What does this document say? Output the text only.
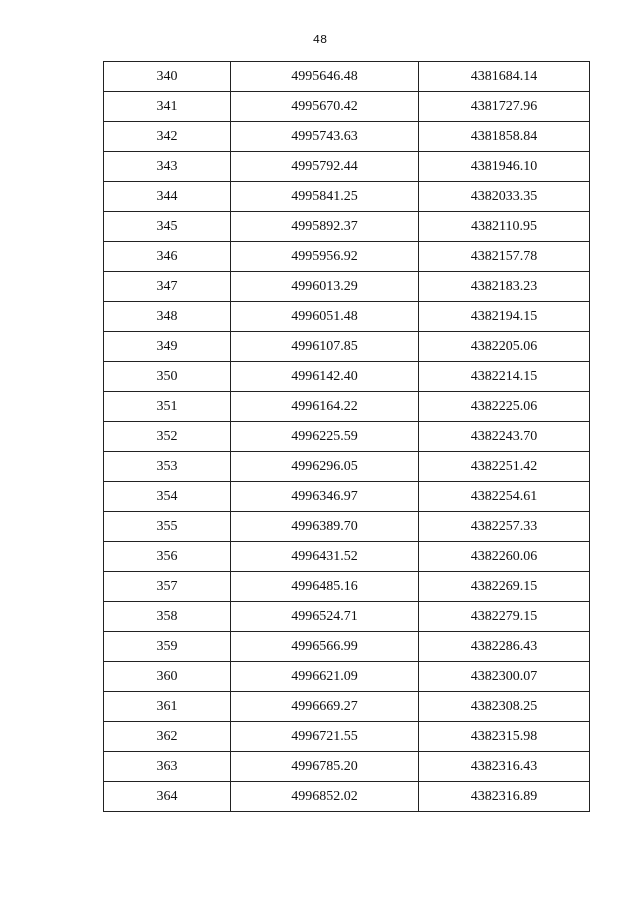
48
340	4995646.48	4381684.14
341	4995670.42	4381727.96
342	4995743.63	4381858.84
343	4995792.44	4381946.10
344	4995841.25	4382033.35
345	4995892.37	4382110.95
346	4995956.92	4382157.78
347	4996013.29	4382183.23
348	4996051.48	4382194.15
349	4996107.85	4382205.06
350	4996142.40	4382214.15
351	4996164.22	4382225.06
352	4996225.59	4382243.70
353	4996296.05	4382251.42
354	4996346.97	4382254.61
355	4996389.70	4382257.33
356	4996431.52	4382260.06
357	4996485.16	4382269.15
358	4996524.71	4382279.15
359	4996566.99	4382286.43
360	4996621.09	4382300.07
361	4996669.27	4382308.25
362	4996721.55	4382315.98
363	4996785.20	4382316.43
364	4996852.02	4382316.89
